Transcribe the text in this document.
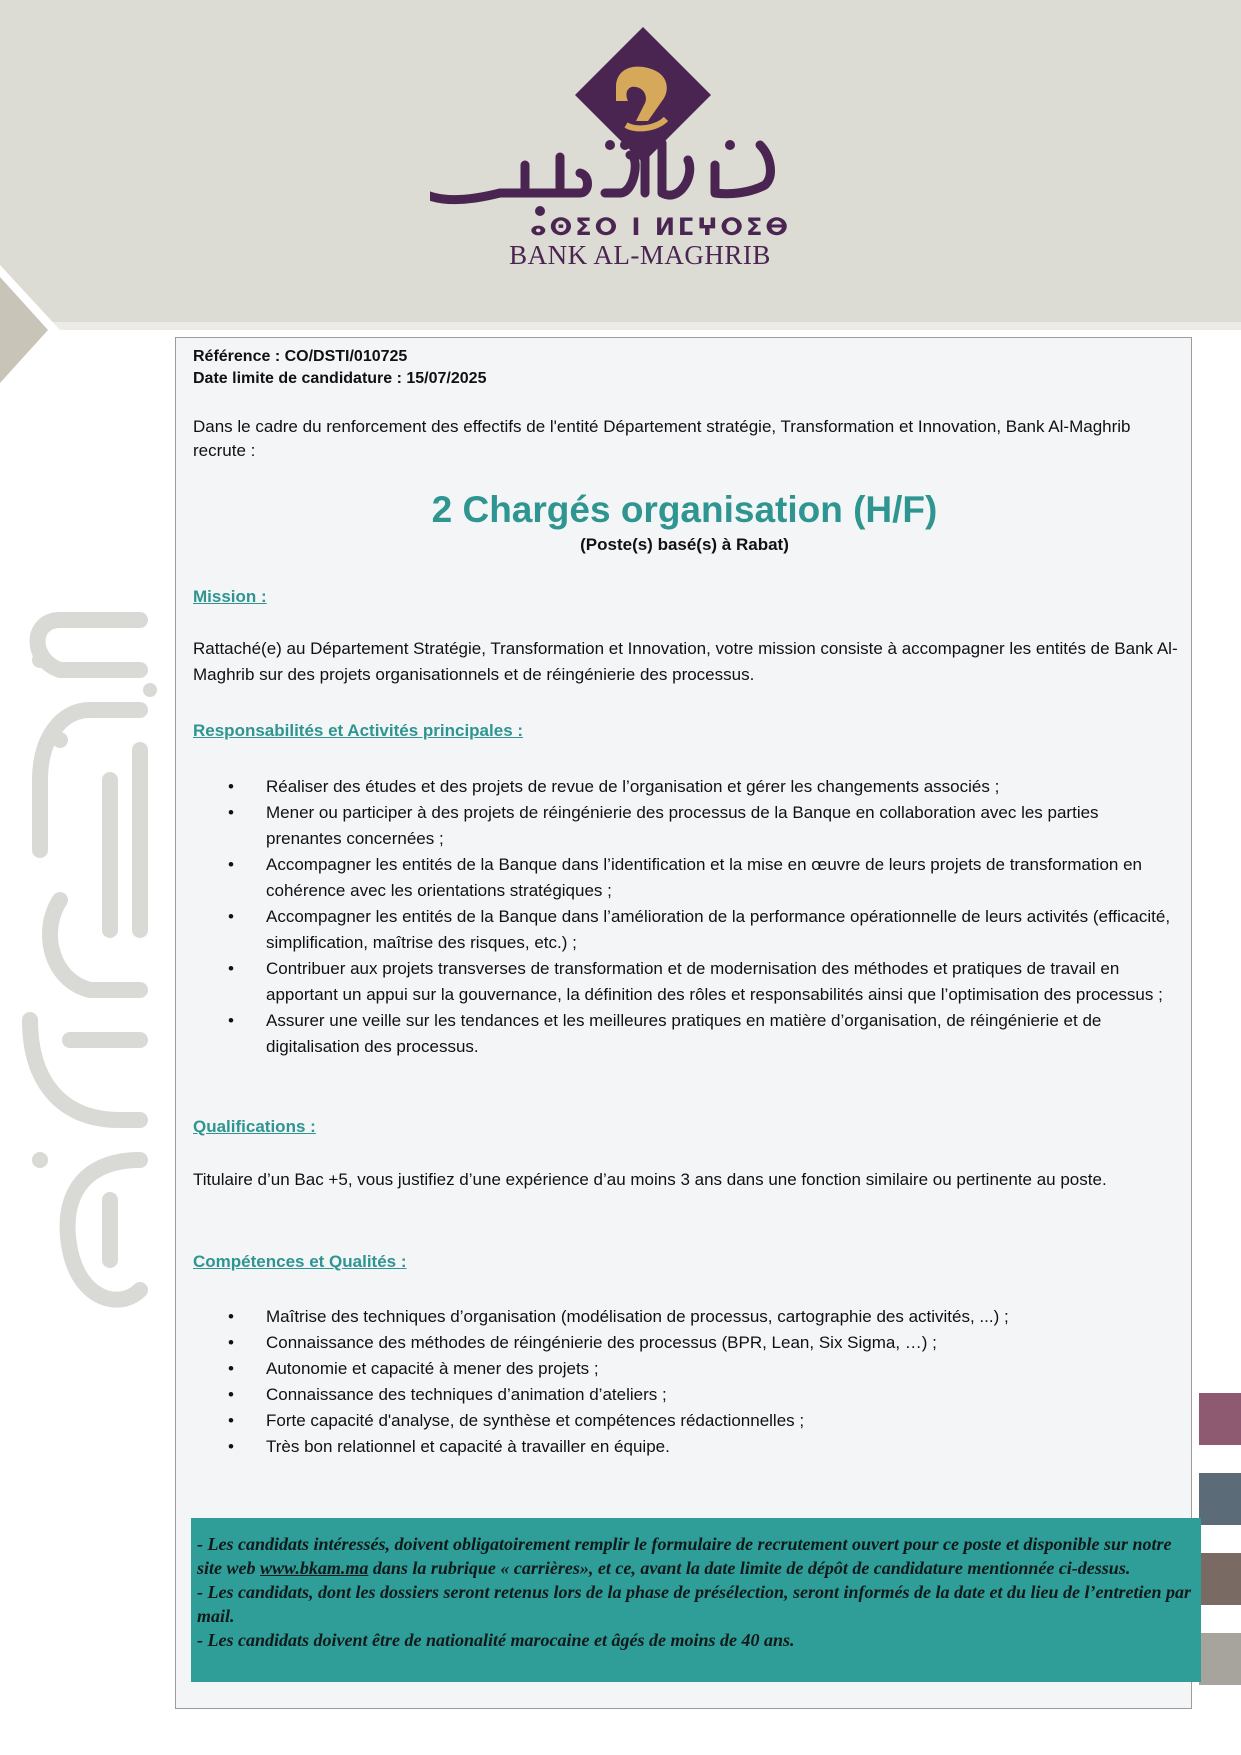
ⴰⵙⵉⵔ ⵏ ⵍⵎⵖⵔⵉⴱ
BANK AL-MAGHRIB
Référence : CO/DSTI/010725
Date limite de candidature : 15/07/2025
Dans le cadre du renforcement des effectifs de l'entité Département stratégie, Transformation et Innovation, Bank Al-Maghrib recrute :
2 Chargés organisation (H/F)
(Poste(s) basé(s) à Rabat)
Mission :
Rattaché(e) au Département Stratégie, Transformation et Innovation, votre mission consiste à accompagner les entités de Bank Al-Maghrib sur des projets organisationnels et de réingénierie des processus.
Responsabilités et Activités principales :
• Réaliser des études et des projets de revue de l’organisation et gérer les changements associés ;
• Mener ou participer à des projets de réingénierie des processus de la Banque en collaboration avec les parties prenantes concernées ;
• Accompagner les entités de la Banque dans l’identification et la mise en œuvre de leurs projets de transformation en cohérence avec les orientations stratégiques ;
• Accompagner les entités de la Banque dans l’amélioration de la performance opérationnelle de leurs activités (efficacité, simplification, maîtrise des risques, etc.) ;
• Contribuer aux projets transverses de transformation et de modernisation des méthodes et pratiques de travail en apportant un appui sur la gouvernance, la définition des rôles et responsabilités ainsi que l’optimisation des processus ;
• Assurer une veille sur les tendances et les meilleures pratiques en matière d’organisation, de réingénierie et de digitalisation des processus.
Qualifications :
Titulaire d’un Bac +5, vous justifiez d’une expérience d’au moins 3 ans dans une fonction similaire ou pertinente au poste.
Compétences et Qualités :
• Maîtrise des techniques d’organisation (modélisation de processus, cartographie des activités, ...) ;
• Connaissance des méthodes de réingénierie des processus (BPR, Lean, Six Sigma, …) ;
• Autonomie et capacité à mener des projets ;
• Connaissance des techniques d’animation d’ateliers ;
• Forte capacité d'analyse, de synthèse et compétences rédactionnelles ;
• Très bon relationnel et capacité à travailler en équipe.

- Les candidats intéressés, doivent obligatoirement remplir le formulaire de recrutement ouvert pour ce poste et disponible sur notre site web www.bkam.ma dans la rubrique « carrières», et ce, avant la date limite de dépôt de candidature mentionnée ci-dessus.

- Les candidats, dont les dossiers seront retenus lors de la phase de présélection, seront informés de la date et du lieu de l’entretien par mail.

- Les candidats doivent être de nationalité marocaine et âgés de moins de 40 ans.
